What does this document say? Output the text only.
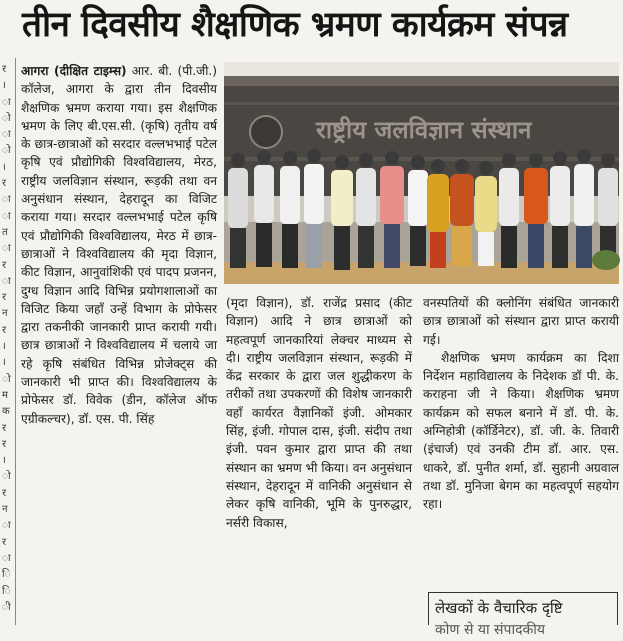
तीन दिवसीय शैक्षणिक भ्रमण कार्यक्रम संपन्न
र
।
ा
ो
ा
ो
।
र
ा
ा
त
ा
र
ा
र
न
र
।
।
ो
म
क
र
र
।
ो
र
न
ा
र
ा
ि
ि
ी

आगरा (दीक्षित टाइम्स) आर. बी. (पी.जी.) कॉलेज, आगरा के द्वारा तीन दिवसीय शैक्षणिक भ्रमण कराया गया। इस शैक्षणिक भ्रमण के लिए बी.एस.सी. (कृषि) तृतीय वर्ष के छात्र-छात्राओं को सरदार वल्लभभाई पटेल कृषि एवं प्रौद्योगिकी विश्वविद्यालय, मेरठ, राष्ट्रीय जलविज्ञान संस्थान, रूड़की तथा वन अनुसंधान संस्थान, देहरादून का विजिट कराया गया। सरदार वल्लभभाई पटेल कृषि एवं प्रौद्योगिकी विश्वविद्यालय, मेरठ में छात्र-छात्राओं ने विश्वविद्यालय की मृदा विज्ञान, कीट विज्ञान, आनुवांशिकी एवं पादप प्रजनन, दुग्ध विज्ञान आदि विभिन्न प्रयोगशालाओं का विजिट किया जहाँ उन्हें विभाग के प्रोफेसर द्वारा तकनीकी जानकारी प्राप्त करायी गयी। छात्र छात्राओं ने विश्वविद्यालय में चलाये जा रहे कृषि संबंधित विभिन्न प्रोजेक्ट्स की जानकारी भी प्राप्त की। विश्वविद्यालय के प्रोफेसर डॉ. विवेक (डीन, कॉलेज ऑफ एग्रीकल्चर), डॉ. एस. पी. सिंह

राष्ट्रीय जलविज्ञान संस्थान

(मृदा विज्ञान), डॉ. राजेंद्र प्रसाद (कीट विज्ञान) आदि ने छात्र छात्राओं को महत्वपूर्ण जानकारियां लेक्चर माध्यम से दी। राष्ट्रीय जलविज्ञान संस्थान, रूड़की में केंद्र सरकार के द्वारा जल शुद्धीकरण के तरीकों तथा उपकरणों की विशेष जानकारी वहाँ कार्यरत वैज्ञानिकों इंजी. ओमकार सिंह, इंजी. गोपाल दास, इंजी. संदीप तथा इंजी. पवन कुमार द्वारा प्राप्त की तथा संस्थान का भ्रमण भी किया। वन अनुसंधान संस्थान, देहरादून में वानिकी अनुसंधान से लेकर कृषि वानिकी, भूमि के पुनरुद्धार, नर्सरी विकास,

वनस्पतियों की क्लोनिंग संबंधित जानकारी छात्र छात्राओं को संस्थान द्वारा प्राप्त करायी गई।

शैक्षणिक भ्रमण कार्यक्रम का दिशा निर्देशन महाविद्यालय के निदेशक डॉ पी. के. कराहना जी ने किया। शैक्षणिक भ्रमण कार्यक्रम को सफल बनाने में डॉ. पी. के. अग्निहोत्री (कॉर्डिनेटर), डॉ. जी. के. तिवारी (इंचार्ज) एवं उनकी टीम डॉ. आर. एस. धाकरे, डॉ. पुनीत शर्मा, डॉ. सुहानी अग्रवाल तथा डॉ. मुनिजा बेगम का महत्वपूर्ण सहयोग रहा।

लेखकों के वैचारिक दृष्टि
कोण से या संपादकीय
